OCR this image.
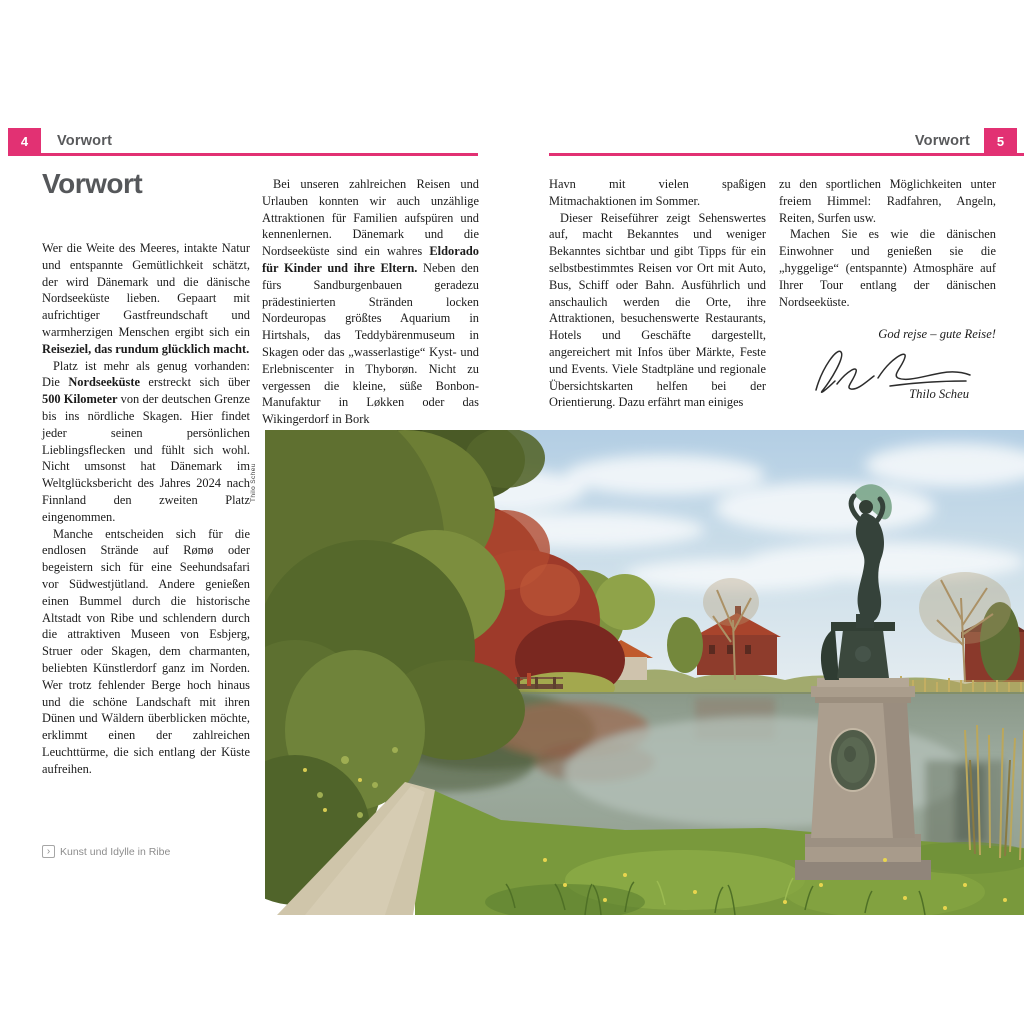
4	5
Vorwort	Vorwort
Vorwort

Wer die Weite des Meeres, intakte Natur und entspannte Gemütlichkeit schätzt, der wird Dänemark und die dänische Nordseeküste lieben. Gepaart mit aufrichtiger Gastfreundschaft und warmherzigen Menschen ergibt sich ein Reiseziel, das rundum glücklich macht.

Platz ist mehr als genug vorhanden: Die Nordseeküste erstreckt sich über 500 Kilometer von der deutschen Grenze bis ins nördliche Skagen. Hier findet jeder seinen persönlichen Lieblingsflecken und fühlt sich wohl. Nicht umsonst hat Dänemark im Weltglücksbericht des Jahres 2024 nach Finnland den zweiten Platz eingenommen.

Manche entscheiden sich für die endlosen Strände auf Rømø oder begeistern sich für eine Seehundsafari vor Südwestjütland. Andere genießen einen Bummel durch die historische Altstadt von Ribe und schlendern durch die attraktiven Museen von Esbjerg, Struer oder Skagen, dem charmanten, beliebten Künstlerdorf ganz im Norden. Wer trotz fehlender Berge hoch hinaus und die schöne Landschaft mit ihren Dünen und Wäldern überblicken möchte, erklimmt einen der zahlreichen Leuchttürme, die sich entlang der Küste aufreihen.

Bei unseren zahlreichen Reisen und Urlauben konnten wir auch unzählige Attraktionen für Familien aufspüren und kennenlernen. Dänemark und die Nordseeküste sind ein wahres Eldorado für Kinder und ihre Eltern. Neben den fürs Sandburgenbauen geradezu prädestinierten Stränden locken Nordeuropas größtes Aquarium in Hirtshals, das Teddybärenmuseum in Skagen oder das „wasserlastige“ Kyst- und Erlebniscenter in Thyborøn. Nicht zu vergessen die kleine, süße Bonbon-Manufaktur in Løkken oder das Wikingerdorf in Bork

Havn mit vielen spaßigen Mitmachaktionen im Sommer.

Dieser Reiseführer zeigt Sehenswertes auf, macht Bekanntes und weniger Bekanntes sichtbar und gibt Tipps für ein selbstbestimmtes Reisen vor Ort mit Auto, Bus, Schiff oder Bahn. Ausführlich und anschaulich werden die Orte, ihre Attraktionen, besuchenswerte Restaurants, Hotels und Geschäfte dargestellt, angereichert mit Infos über Märkte, Feste und Events. Viele Stadtpläne und regionale Übersichtskarten helfen bei der Orientierung. Dazu erfährt man einiges

zu den sportlichen Möglichkeiten unter freiem Himmel: Radfahren, Angeln, Reiten, Surfen usw.

Machen Sie es wie die dänischen Einwohner und genießen sie die „hyggelige“ (entspannte) Atmosphäre auf Ihrer Tour entlang der dänischen Nordseeküste.

God rejse – gute Reise!
Thilo Scheu
› Kunst und Idylle in Ribe
Thilo Scheu
